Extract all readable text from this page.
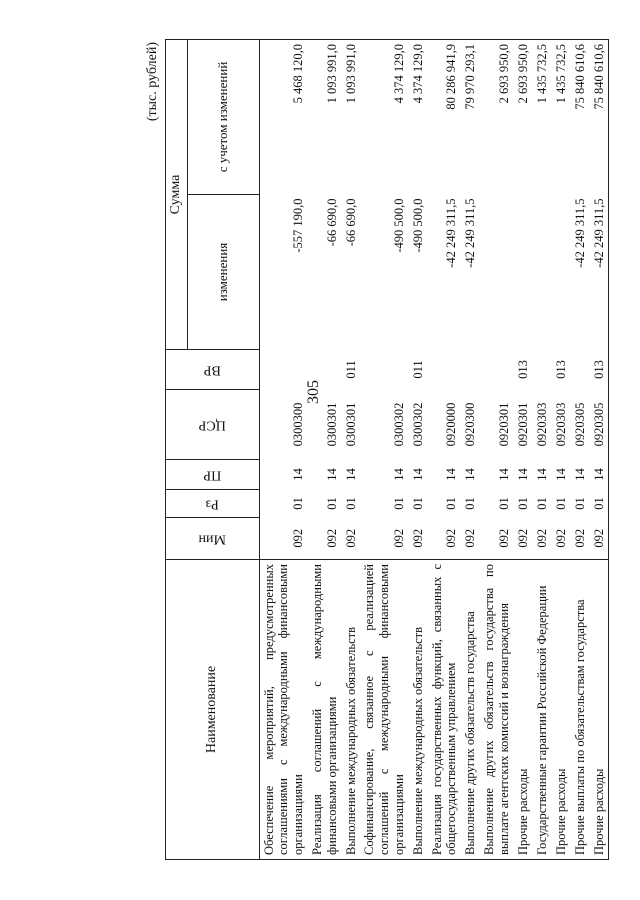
305
(тыс. рублей)
Наименование	Мин	Рз	ПР	ЦСР	ВР	Сумма	
						изменения	с учетом изменений
Обеспечение мероприятий, предусмотренных соглашениями с международными финансовыми организациями	092	01	14	0300300		-557 190,0	5 468 120,0
Реализация соглашений с международными финансовыми организациями	092	01	14	0300301		-66 690,0	1 093 991,0
Выполнение международных обязательств	092	01	14	0300301	011	-66 690,0	1 093 991,0
Софинансирование, связанное с реализацией соглашений с международными финансовыми организациями	092	01	14	0300302		-490 500,0	4 374 129,0
Выполнение международных обязательств	092	01	14	0300302	011	-490 500,0	4 374 129,0
Реализация государственных функций, связанных с общегосударственным управлением	092	01	14	0920000		-42 249 311,5	80 286 941,9
Выполнение других обязательств государства	092	01	14	0920300		-42 249 311,5	79 970 293,1
Выполнение других обязательств государства по выплате агентских комиссий и вознаграждения	092	01	14	0920301			2 693 950,0
Прочие расходы	092	01	14	0920301	013		2 693 950,0
Государственные гарантии Российской Федерации	092	01	14	0920303			1 435 732,5
Прочие расходы	092	01	14	0920303	013		1 435 732,5
Прочие выплаты по обязательствам государства	092	01	14	0920305		-42 249 311,5	75 840 610,6
Прочие расходы	092	01	14	0920305	013	-42 249 311,5	75 840 610,6
